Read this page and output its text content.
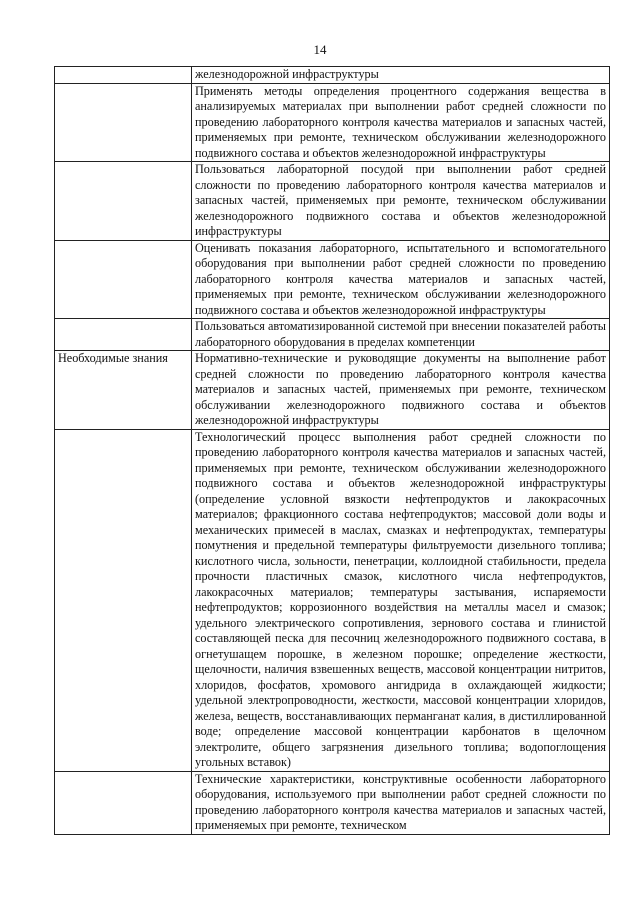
14
	железнодорожной инфраструктуры
	Применять методы определения процентного содержания вещества в анализируемых материалах при выполнении работ средней сложности по проведению лабораторного контроля качества материалов и запасных частей, применяемых при ремонте, техническом обслуживании железнодорожного подвижного состава и объектов железнодорожной инфраструктуры
	Пользоваться лабораторной посудой при выполнении работ средней сложности по проведению лабораторного контроля качества материалов и запасных частей, применяемых при ремонте, техническом обслуживании железнодорожного подвижного состава и объектов железнодорожной инфраструктуры
	Оценивать показания лабораторного, испытательного и вспомогательного оборудования при выполнении работ средней сложности по проведению лабораторного контроля качества материалов и запасных частей, применяемых при ремонте, техническом обслуживании железнодорожного подвижного состава и объектов железнодорожной инфраструктуры
	Пользоваться автоматизированной системой при внесении показателей работы лабораторного оборудования в пределах компетенции
Необходимые знания	Нормативно-технические и руководящие документы на выполнение работ средней сложности по проведению лабораторного контроля качества материалов и запасных частей, применяемых при ремонте, техническом обслуживании железнодорожного подвижного состава и объектов железнодорожной инфраструктуры
	Технологический процесс выполнения работ средней сложности по проведению лабораторного контроля качества материалов и запасных частей, применяемых при ремонте, техническом обслуживании железнодорожного подвижного состава и объектов железнодорожной инфраструктуры (определение условной вязкости нефтепродуктов и лакокрасочных материалов; фракционного состава нефтепродуктов; массовой доли воды и механических примесей в маслах, смазках и нефтепродуктах, температуры помутнения и предельной температуры фильтруемости дизельного топлива; кислотного числа, зольности, пенетрации, коллоидной стабильности, предела прочности пластичных смазок, кислотного числа нефтепродуктов, лакокрасочных материалов; температуры застывания, испаряемости нефтепродуктов; коррозионного воздействия на металлы масел и смазок; удельного электрического сопротивления, зернового состава и глинистой составляющей песка для песочниц железнодорожного подвижного состава, в огнетушащем порошке, в железном порошке; определение жесткости, щелочности, наличия взвешенных веществ, массовой концентрации нитритов, хлоридов, фосфатов, хромового ангидрида в охлаждающей жидкости; удельной электропроводности, жесткости, массовой концентрации хлоридов, железа, веществ, восстанавливающих перманганат калия, в дистиллированной воде; определение массовой концентрации карбонатов в щелочном электролите, общего загрязнения дизельного топлива; водопоглощения угольных вставок)
	Технические характеристики, конструктивные особенности лабораторного оборудования, используемого при выполнении работ средней сложности по проведению лабораторного контроля качества материалов и запасных частей, применяемых при ремонте, техническом
